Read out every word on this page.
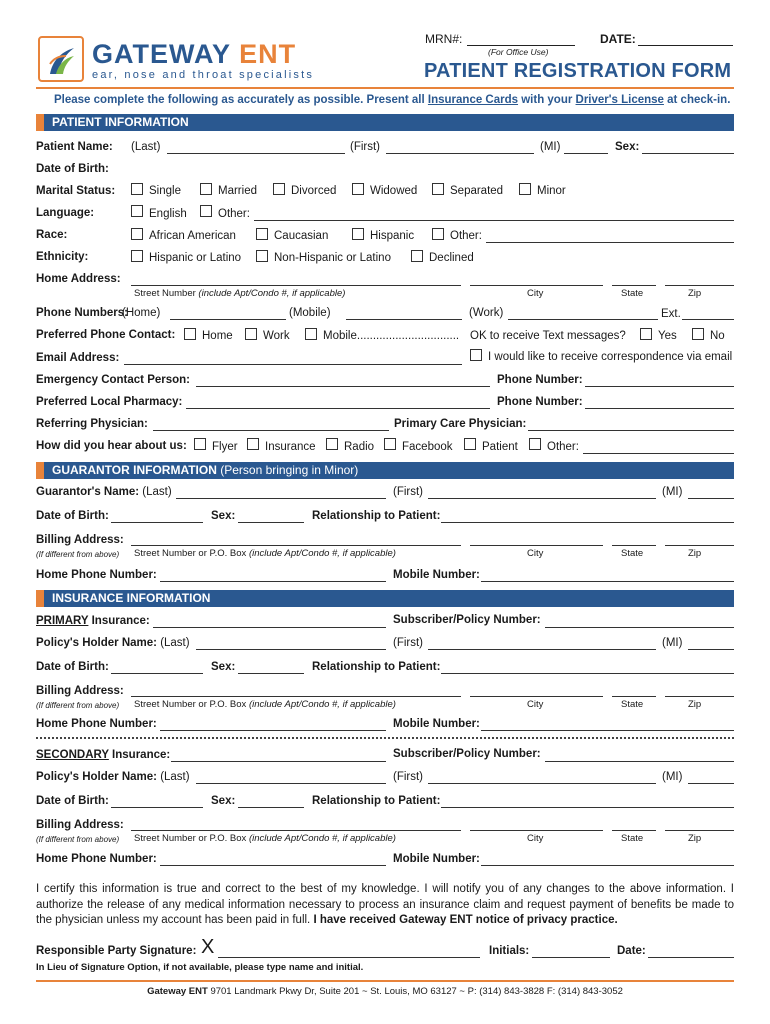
GATEWAY ENT
ear, nose and throat specialists
MRN#:
(For Office Use)
DATE:
PATIENT REGISTRATION FORM
Please complete the following as accurately as possible. Present all Insurance Cards with your Driver's License at check-in.
PATIENT INFORMATION
Patient Name: (Last)	(First)	(MI)	Sex:
Date of Birth:
Marital Status:	Single	Married	Divorced	Widowed	Separated	Minor
Language:	English	Other:
Race:	African American	Caucasian	Hispanic	Other:
Ethnicity:	Hispanic or Latino	Non-Hispanic or Latino	Declined
Home Address:
Street Number (include Apt/Condo #, if applicable)	City	State	Zip
Phone Numbers:
(Home)	(Mobile)	(Work)	Ext.
Preferred Phone Contact: Home	Work	Mobile................................ OK to receive Text messages?	Yes	No
Email Address:	I would like to receive correspondence via email
Emergency Contact Person:	Phone Number:
Preferred Local Pharmacy:	Phone Number:
Referring Physician:	Primary Care Physician:
How did you hear about us: Flyer Insurance Radio Facebook	Patient	Other:
GUARANTOR INFORMATION (Person bringing in Minor)
Guarantor's Name: (Last)	(First)	(MI)
Date of Birth:	Sex:	Relationship to Patient:
Billing Address:
(If different from above) Street Number or P.O. Box (include Apt/Condo #, if applicable)	City	State	Zip
Home Phone Number:	Mobile Number:
INSURANCE INFORMATION
PRIMARY Insurance:	Subscriber/Policy Number:
Policy's Holder Name: (Last)	(First)	(MI)
Date of Birth:	Sex:	Relationship to Patient:
Billing Address:
(If different from above) Street Number or P.O. Box (include Apt/Condo #, if applicable)	City	State	Zip
Home Phone Number:	Mobile Number:
SECONDARY Insurance:	Subscriber/Policy Number:
Policy's Holder Name: (Last)	(First)	(MI)
Date of Birth:	Sex:	Relationship to Patient:
Billing Address:
(If different from above) Street Number or P.O. Box (include Apt/Condo #, if applicable)	City	State	Zip
Home Phone Number:	Mobile Number:
I certify this information is true and correct to the best of my knowledge. I will notify you of any changes to the above information. I authorize the release of any medical information necessary to process an insurance claim and request payment of benefits be made to the physician unless my account has been paid in full. I have received Gateway ENT notice of privacy practice.
Responsible Party Signature: X	Initials:	Date:
In Lieu of Signature Option, if not available, please type name and initial.
Gateway ENT 9701 Landmark Pkwy Dr, Suite 201 ~ St. Louis, MO 63127 ~ P: (314) 843-3828 F: (314) 843-3052
